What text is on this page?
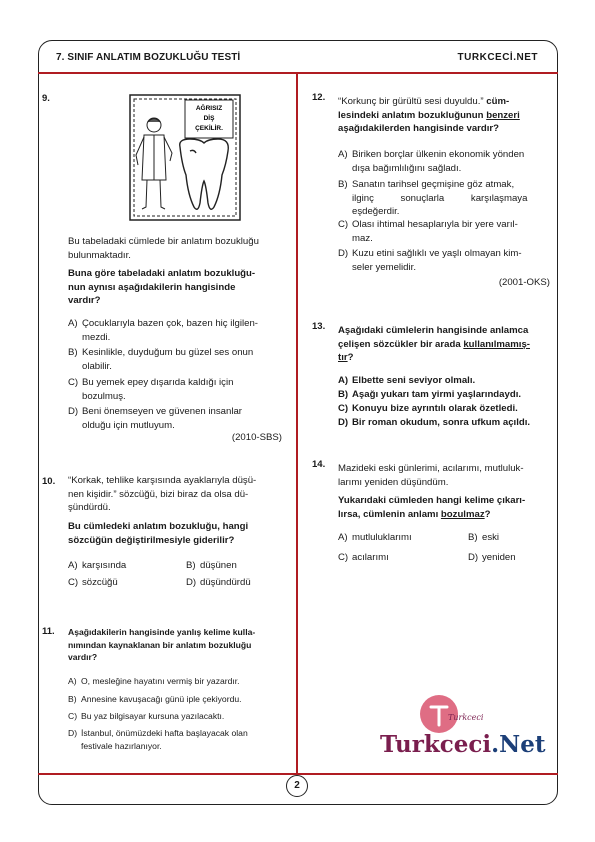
7. SINIF ANLATIM BOZUKLUĞU TESTİ	TURKCECİ.NET
2
9.
AĞRISIZ
DİŞ
ÇEKİLİR.
Bu tabeladaki cümlede bir anlatım bozukluğu
bulunmaktadır.
Buna göre tabeladaki anlatım bozukluğu-
nun aynısı aşağıdakilerin hangisinde
vardır?
A) Çocuklarıyla bazen çok, bazen hiç ilgilen-
mezdi.
B) Kesinlikle, duyduğum bu güzel ses onun
olabilir.
C) Bu yemek epey dışarıda kaldığı için
bozulmuş.
D) Beni önemseyen ve güvenen insanlar
olduğu için mutluyum.
(2010-SBS)
10. “Korkak, tehlike karşısında ayaklarıyla düşü-
nen kişidir.” sözcüğü, bizi biraz da olsa dü-
şündürdü.
Bu cümledeki anlatım bozukluğu, hangi
sözcüğün değiştirilmesiyle giderilir?
A) karşısında	B) düşünen
C) sözcüğü	D) düşündürdü
11. Aşağıdakilerin hangisinde yanlış kelime kulla-
nımından kaynaklanan bir anlatım bozukluğu
vardır?
A) O, mesleğine hayatını vermiş bir yazardır.
B) Annesine kavuşacağı günü iple çekiyordu.
C) Bu yaz bilgisayar kursuna yazılacaktı.
D) İstanbul, önümüzdeki hafta başlayacak olan
festivale hazırlanıyor.
12. “Korkunç bir gürültü sesi duyuldu.” cüm-
lesindeki anlatım bozukluğunun benzeri
aşağıdakilerden hangisinde vardır?
A) Biriken borçlar ülkenin ekonomik yönden
dışa bağımlılığını sağladı.
B) Sanatın tarihsel geçmişine göz atmak,
ilginç sonuçlarla karşılaşmaya
eşdeğerdir.
C) Olası ihtimal hesaplarıyla bir yere varıl-
maz.
D) Kuzu etini sağlıklı ve yaşlı olmayan kim-
seler yemelidir.
(2001-OKS)
13. Aşağıdaki cümlelerin hangisinde anlamca
çelişen sözcükler bir arada kullanılmamış-
tır?
A) Elbette seni seviyor olmalı.
B) Aşağı yukarı tam yirmi yaşlarındaydı.
C) Konuyu bize ayrıntılı olarak özetledi.
D) Bir roman okudum, sonra ufkum açıldı.
14. Mazideki eski günlerimi, acılarımı, mutluluk-
larımı yeniden düşündüm.
Yukarıdaki cümleden hangi kelime çıkarı-
lırsa, cümlenin anlamı bozulmaz?
A) mutluluklarımı	B) eski
C) acılarımı	D) yeniden
Turkceci
Turkceci.Net
